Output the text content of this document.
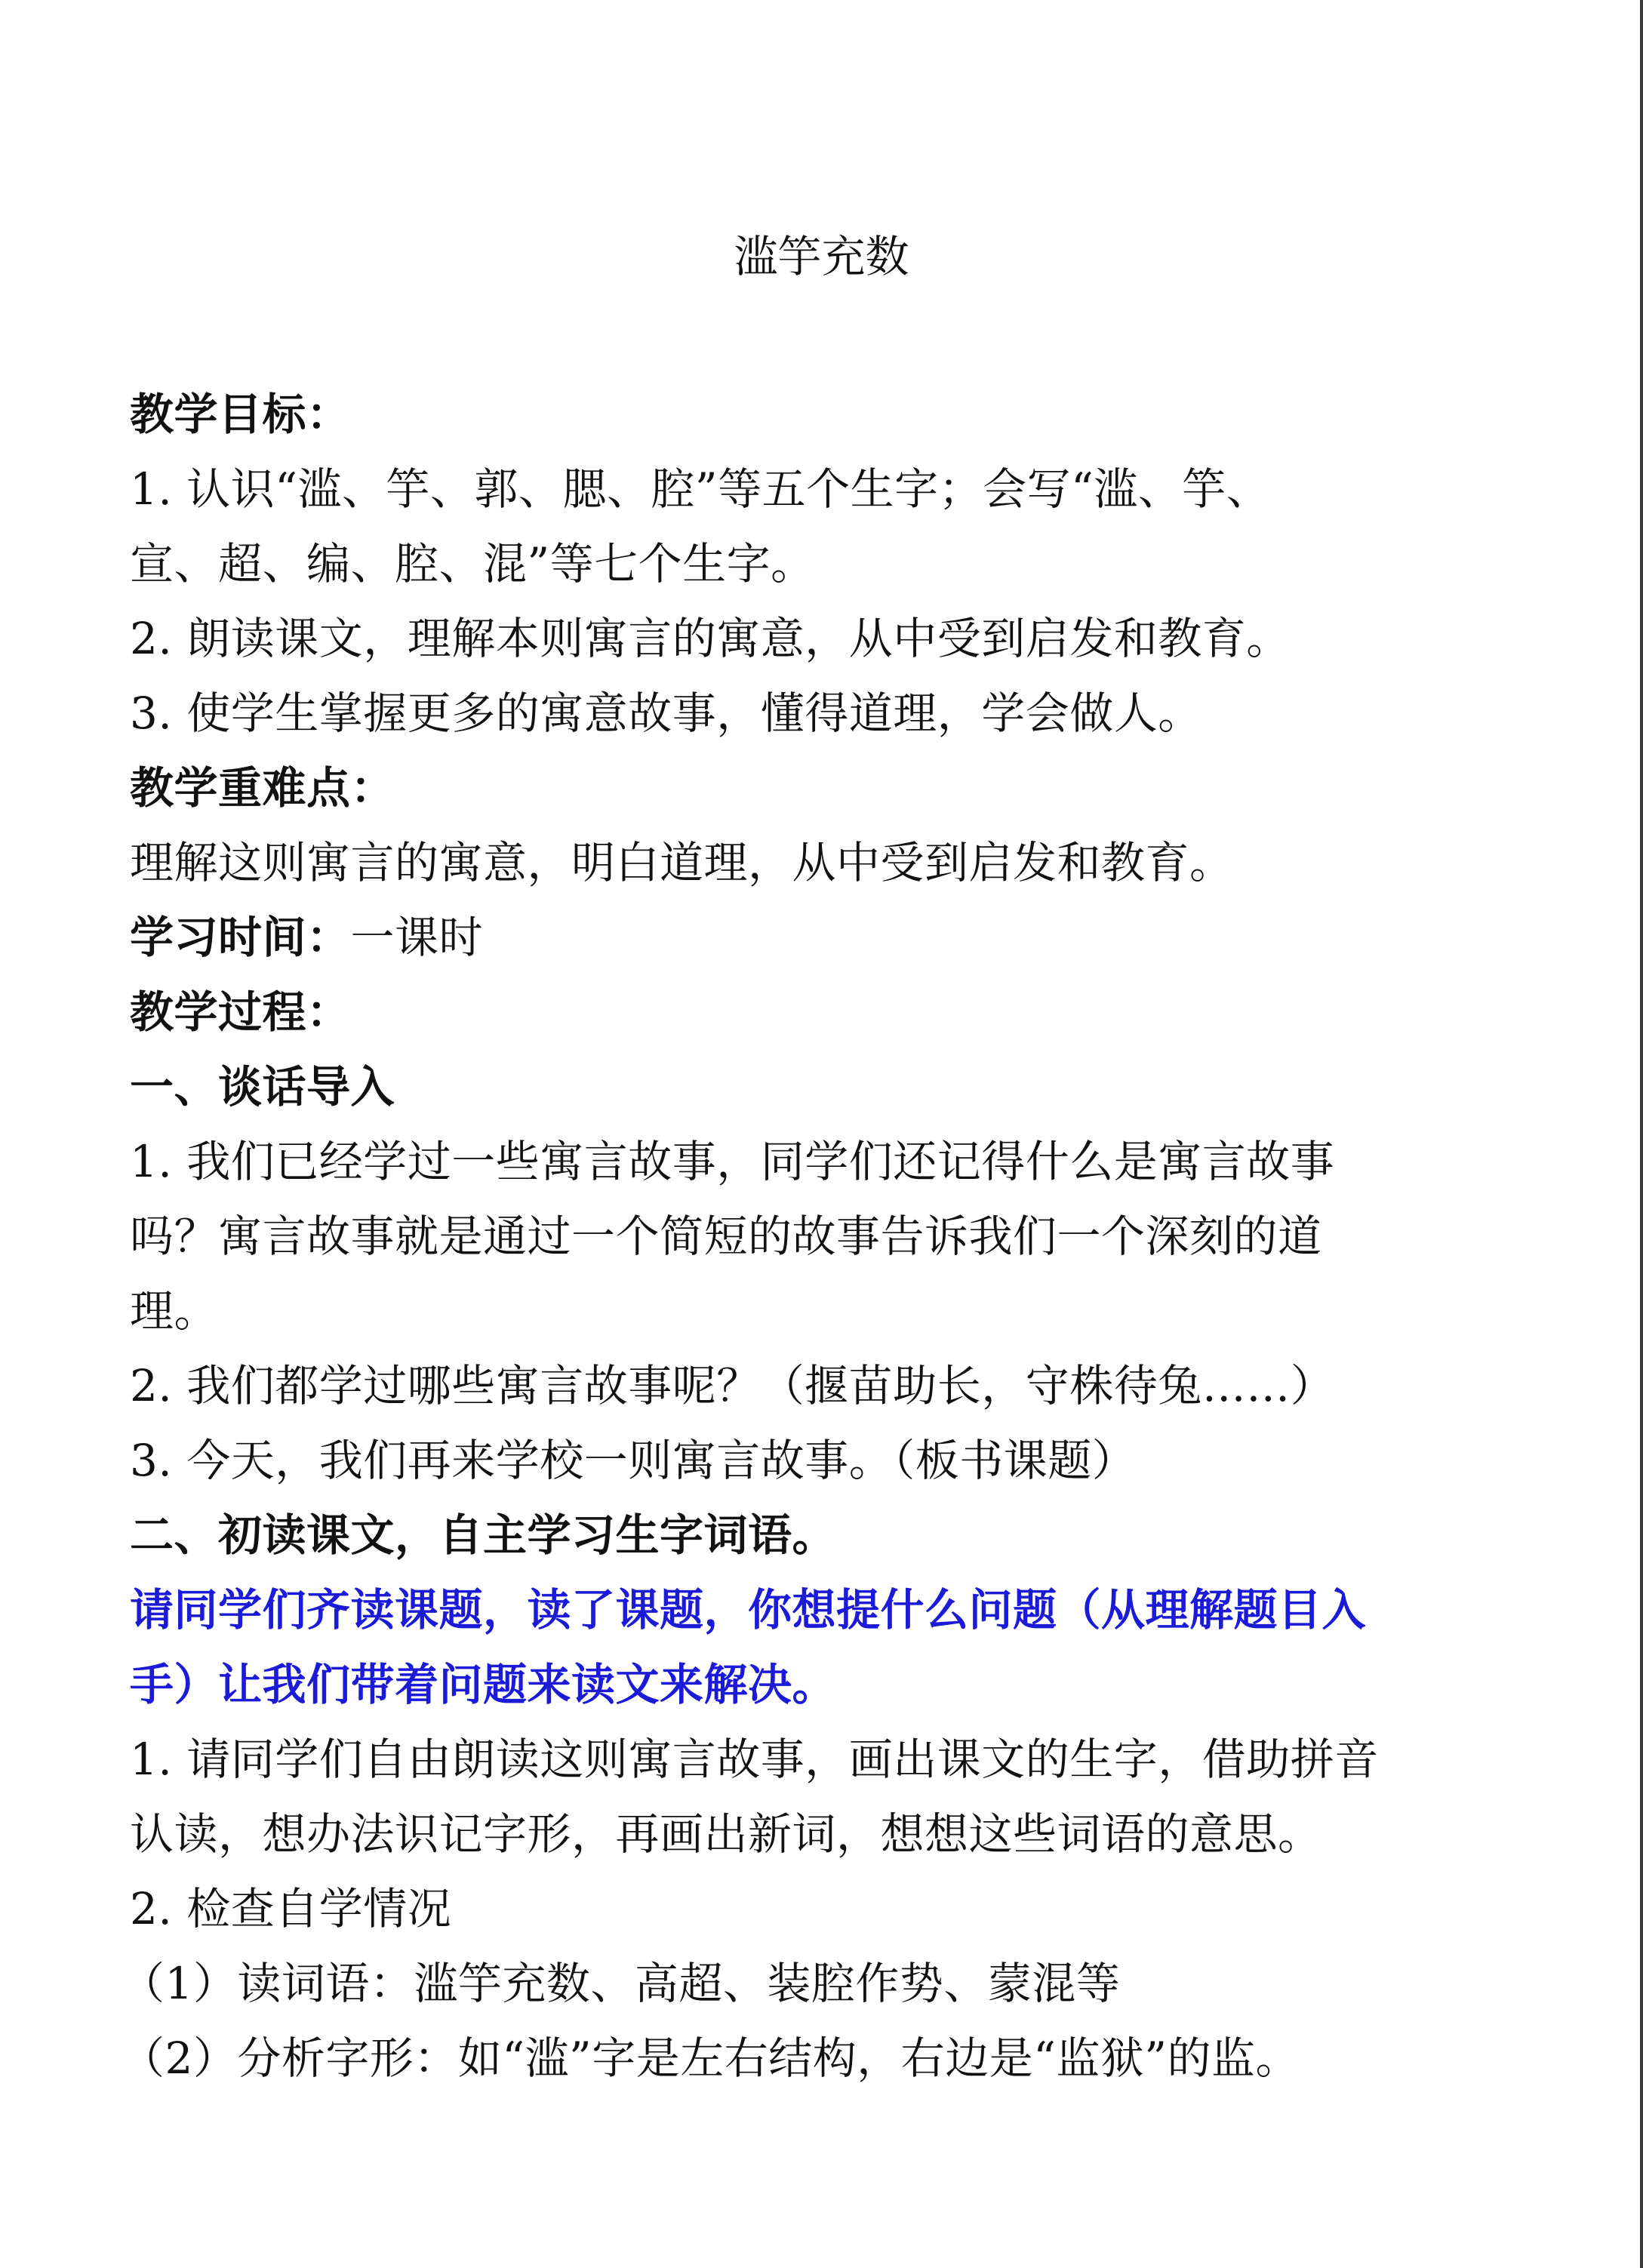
滥竽充数
教学目标：
1. 认识“滥、竽、郭、腮、腔”等五个生字；会写“滥、竽、
宣、超、编、腔、混”等七个生字。
2. 朗读课文，理解本则寓言的寓意，从中受到启发和教育。
3. 使学生掌握更多的寓意故事，懂得道理，学会做人。
教学重难点：
理解这则寓言的寓意，明白道理，从中受到启发和教育。
学习时间：一课时
教学过程：
一、谈话导入
1. 我们已经学过一些寓言故事，同学们还记得什么是寓言故事
吗？寓言故事就是通过一个简短的故事告诉我们一个深刻的道
理。
2. 我们都学过哪些寓言故事呢？（揠苗助长，守株待兔……）
3. 今天，我们再来学校一则寓言故事。（板书课题）
二、初读课文，自主学习生字词语。
请同学们齐读课题，读了课题，你想提什么问题（从理解题目入
手）让我们带着问题来读文来解决。
1. 请同学们自由朗读这则寓言故事，画出课文的生字，借助拼音
认读，想办法识记字形，再画出新词，想想这些词语的意思。
2. 检查自学情况
（1）读词语：滥竽充数、高超、装腔作势、蒙混等
（2）分析字形：如“滥”字是左右结构，右边是“监狱”的监。
